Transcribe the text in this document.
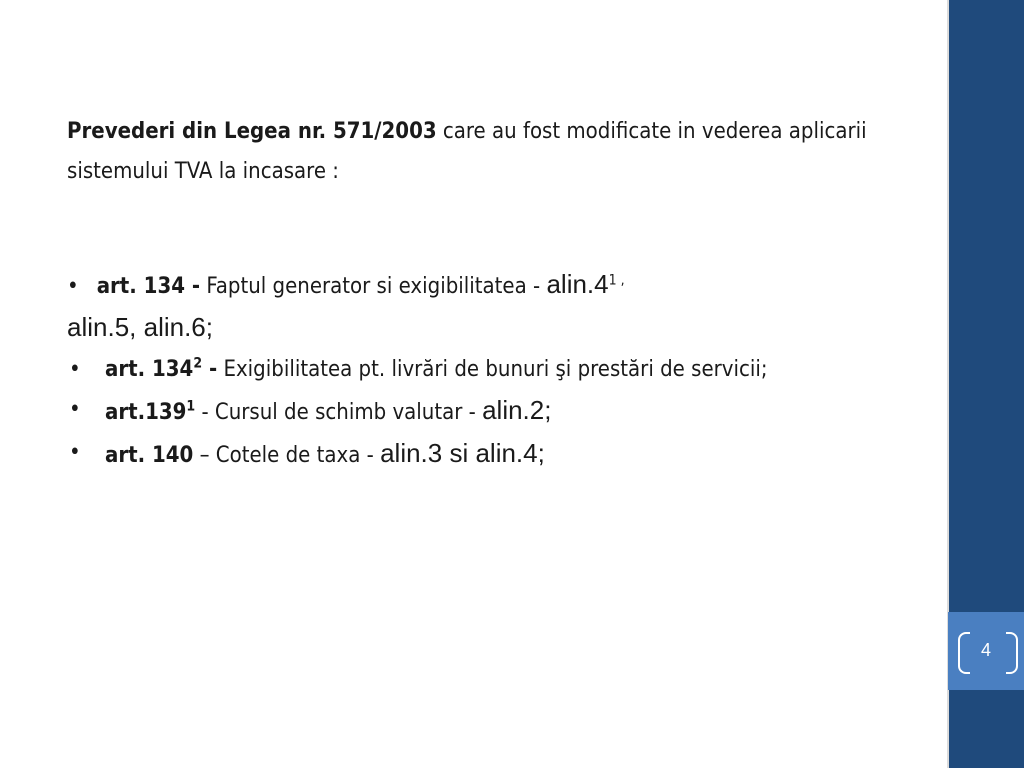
Prevederi din Legea nr. 571/2003 care au fost modificate in vederea aplicarii sistemului TVA la incasare :

• art. 134 - Faptul generator si exigibilitatea - $alin.4^1$ ,
alin.5, alin.6;
• art. $134^2$ - Exigibilitatea pt. livrări de bunuri şi prestări de servicii;
• art.139$^1$ - Cursul de schimb valutar - alin.2;
• art. 140 – Cotele de taxa - alin.3 si alin.4;
4
